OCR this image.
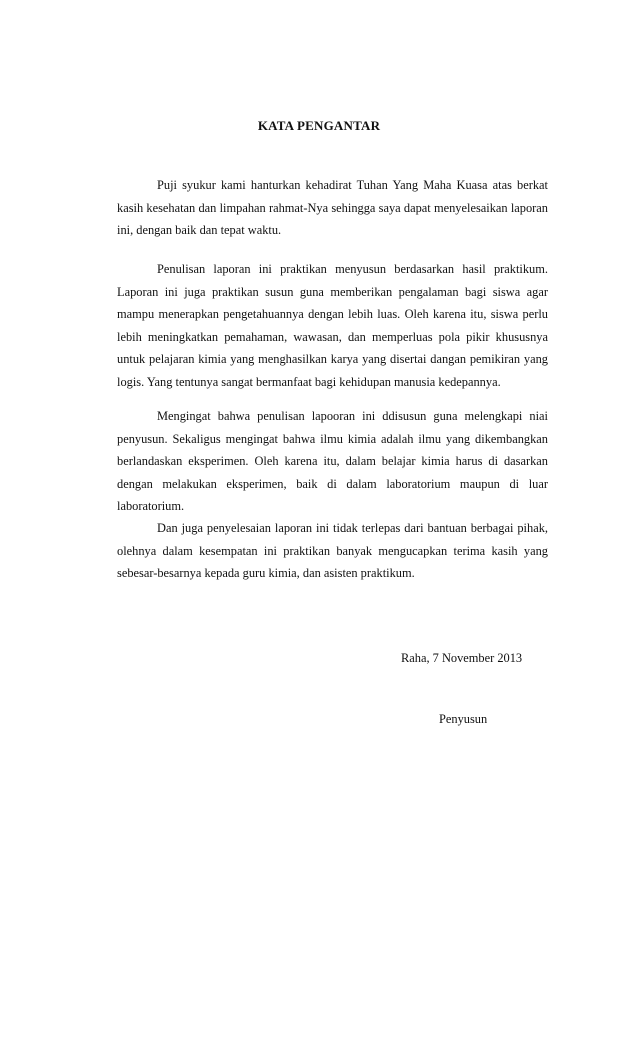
KATA PENGANTAR

Puji syukur kami hanturkan kehadirat Tuhan Yang Maha Kuasa atas berkat kasih kesehatan dan limpahan rahmat-Nya sehingga saya dapat menyelesaikan laporan ini, dengan baik dan tepat waktu.

Penulisan laporan ini praktikan menyusun berdasarkan hasil praktikum. Laporan ini juga praktikan susun guna memberikan pengalaman bagi siswa agar mampu menerapkan pengetahuannya dengan lebih luas. Oleh karena itu, siswa perlu lebih meningkatkan pemahaman, wawasan, dan memperluas pola pikir khususnya untuk pelajaran kimia yang menghasilkan karya yang disertai dangan pemikiran yang logis. Yang tentunya sangat bermanfaat bagi kehidupan manusia kedepannya.

Mengingat bahwa penulisan lapooran ini ddisusun guna melengkapi niai penyusun. Sekaligus mengingat bahwa ilmu kimia adalah ilmu yang dikembangkan berlandaskan eksperimen. Oleh karena itu, dalam belajar kimia harus di dasarkan dengan melakukan eksperimen, baik di dalam laboratorium maupun di luar laboratorium.

Dan juga penyelesaian laporan ini tidak terlepas dari bantuan berbagai pihak, olehnya dalam kesempatan ini praktikan banyak mengucapkan terima kasih yang sebesar-besarnya kepada guru kimia, dan asisten praktikum.

Raha, 7 November 2013
Penyusun
